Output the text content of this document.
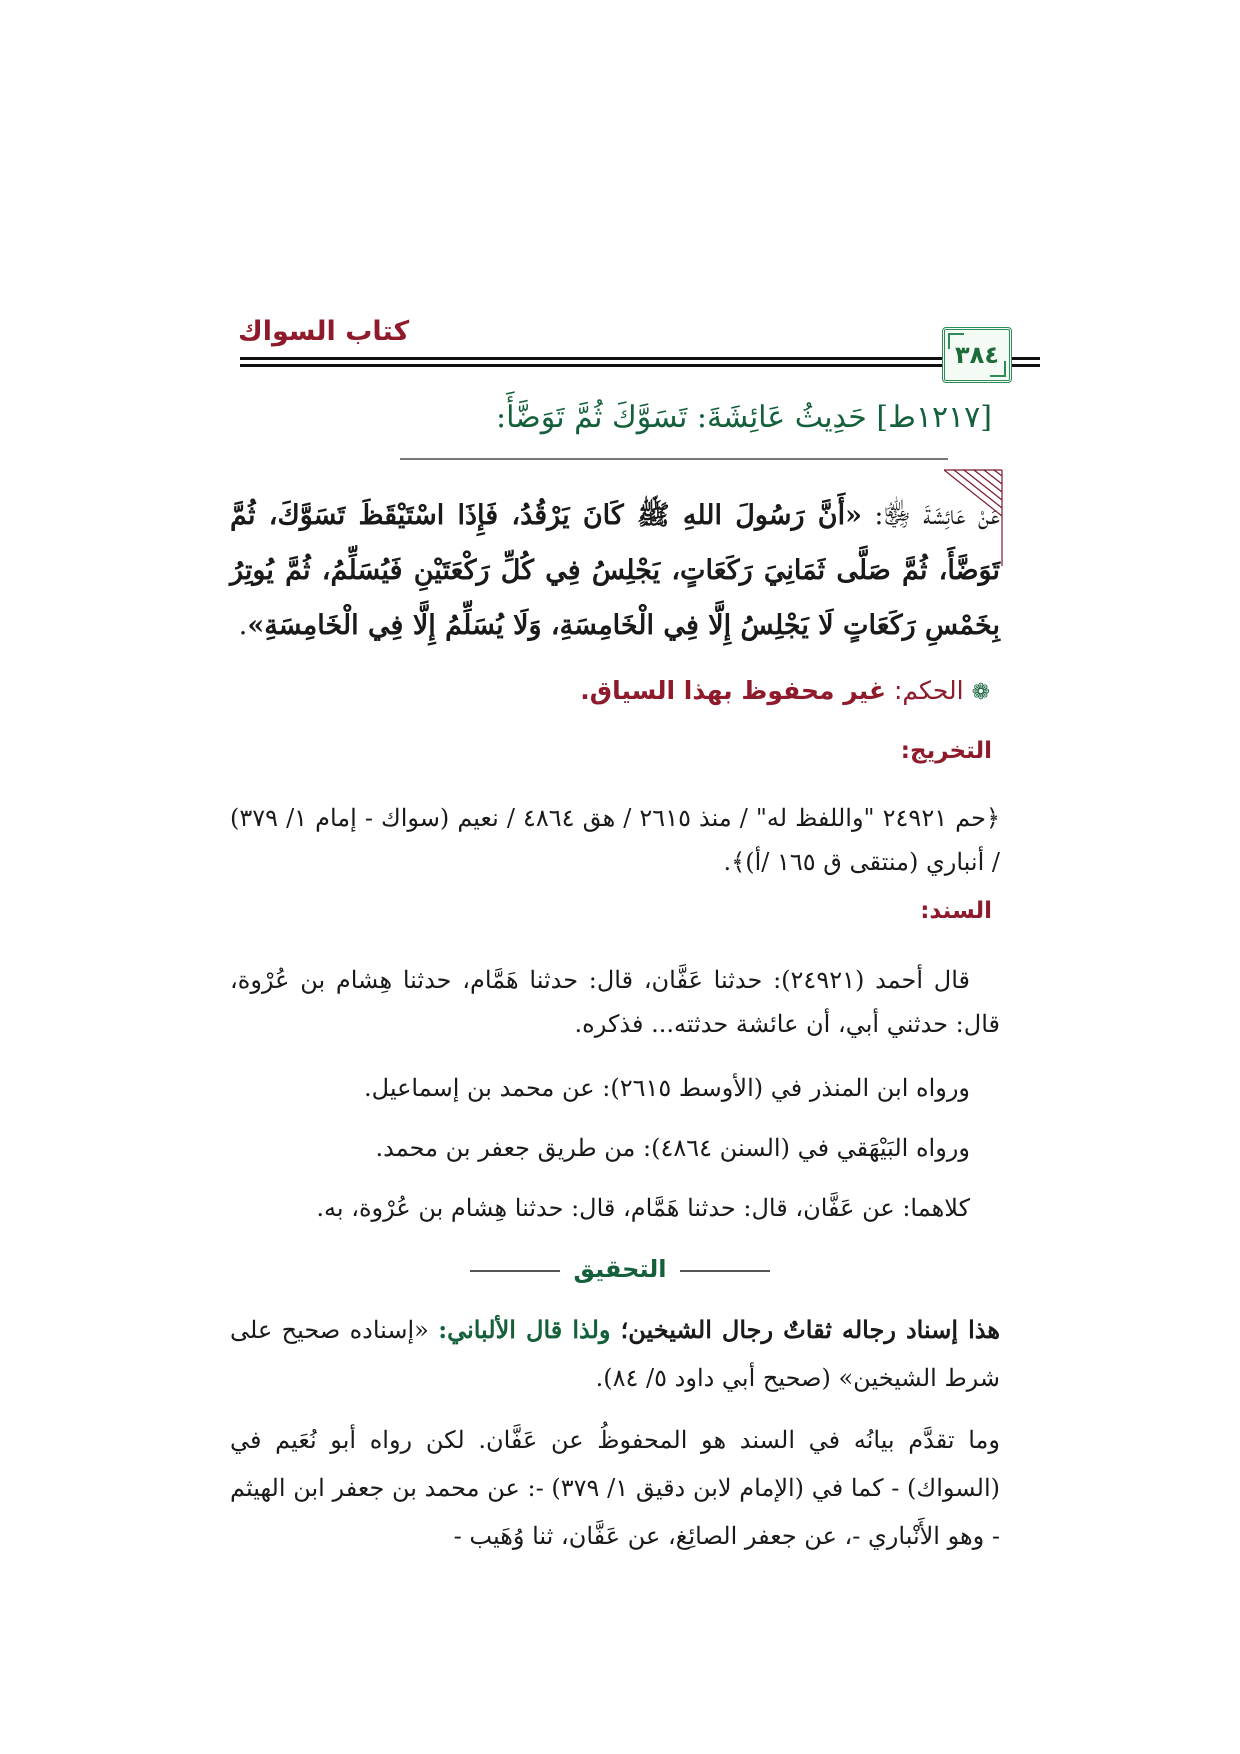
كتاب السواك
٣٨٤
[١٢١٧ط] حَدِيثُ عَائِشَةَ: تَسَوَّكَ ثُمَّ تَوَضَّأَ:
عَنْ عَائِشَةَ ﵂: «أَنَّ رَسُولَ اللهِ ﷺ كَانَ يَرْقُدُ، فَإِذَا اسْتَيْقَظَ تَسَوَّكَ، ثُمَّ تَوَضَّأَ، ثُمَّ صَلَّى ثَمَانِيَ رَكَعَاتٍ، يَجْلِسُ فِي كُلِّ رَكْعَتَيْنِ فَيُسَلِّمُ، ثُمَّ يُوتِرُ بِخَمْسِ رَكَعَاتٍ لَا يَجْلِسُ إِلَّا فِي الْخَامِسَةِ، وَلَا يُسَلِّمُ إِلَّا فِي الْخَامِسَةِ».
❁الحكم: غير محفوظ بهذا السياق.
التخريج:
﴿حم ٢٤٩٢١ "واللفظ له" / منذ ٢٦١٥ / هق ٤٨٦٤ / نعيم (سواك - إمام ١/ ٣٧٩) / أنباري (منتقى ق ١٦٥ /أ)﴾.
السند:
قال أحمد (٢٤٩٢١): حدثنا عَفَّان، قال: حدثنا هَمَّام، حدثنا هِشام بن عُرْوة، قال: حدثني أبي، أن عائشة حدثته... فذكره.
ورواه ابن المنذر في (الأوسط ٢٦١٥): عن محمد بن إسماعيل.
ورواه البَيْهَقي في (السنن ٤٨٦٤): من طريق جعفر بن محمد.
كلاهما: عن عَفَّان، قال: حدثنا هَمَّام، قال: حدثنا هِشام بن عُرْوة، به.
التحقيق
هذا إسناد رجاله ثقاتٌ رجال الشيخين؛ ولذا قال الألباني: «إسناده صحيح على شرط الشيخين» (صحيح أبي داود ٥/ ٨٤).
وما تقدَّم بيانُه في السند هو المحفوظُ عن عَفَّان. لكن رواه أبو نُعَيم في (السواك) - كما في (الإمام لابن دقيق ١/ ٣٧٩) -: عن محمد بن جعفر ابن الهيثم - وهو الأَنْباري -، عن جعفر الصائِغ، عن عَفَّان، ثنا وُهَيب -
